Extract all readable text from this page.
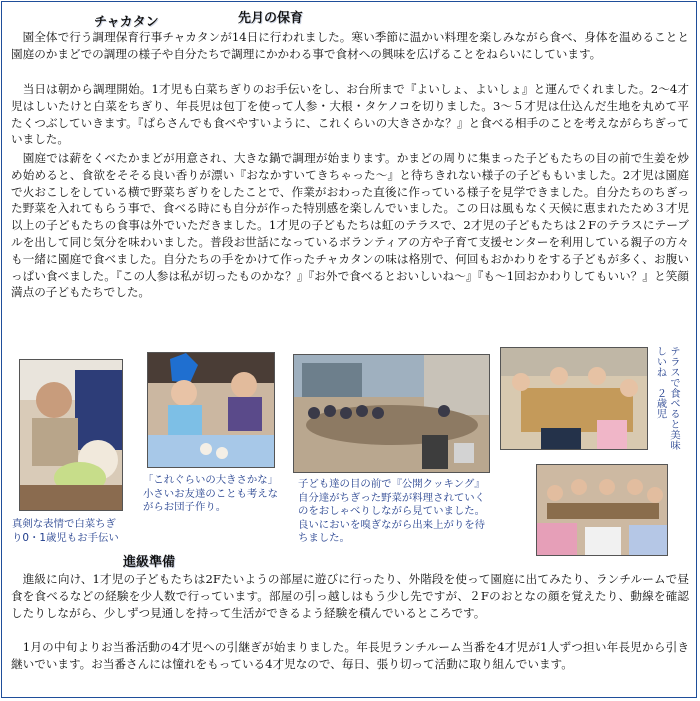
チャカタン	先月の保育

　園全体で行う調理保育行事チャカタンが14日に行われました。寒い季節に温かい料理を楽しみながら食べ、身体を温めることと園庭のかまどでの調理の様子や自分たちで調理にかかわる事で食材への興味を広げることをねらいにしています。

　当日は朝から調理開始。1才児も白菜ちぎりのお手伝いをし、お台所まで『よいしょ、よいしょ』と運んでくれました。2～4才児はしいたけと白菜をちぎり、年長児は包丁を使って人参・大根・タケノコを切りました。3～５才児は仕込んだ生地を丸めて平たくつぶしていきます。『ぱらさんでも食べやすいように、これくらいの大きさかな？』と食べる相手のことを考えながらちぎっていました。

　園庭では薪をくべたかまどが用意され、大きな鍋で調理が始まります。かまどの周りに集まった子どもたちの目の前で生姜を炒め始めると、食欲をそそる良い香りが漂い『おなかすいてきちゃった～』と待ちきれない様子の子どももいました。2才児は園庭で火おこしをしている横で野菜ちぎりをしたことで、作業がおわった直後に作っている様子を見学できました。自分たちのちぎった野菜を入れてもらう事で、食べる時にも自分が作った特別感を楽しんでいました。この日は風もなく天候に恵まれたため３才児以上の子どもたちの食事は外でいただきました。1才児の子どもたちは虹のテラスで、2才児の子どもたちは２Fのテラスにテーブルを出して同じ気分を味わいました。普段お世話になっているボランティアの方や子育て支援センターを利用している親子の方々も一緒に園庭で食べました。自分たちの手をかけて作ったチャカタンの味は格別で、何回もおかわりをする子どもが多く、お腹いっぱい食べました。『この人参は私が切ったものかな？』『お外で食べるとおいしいね～』『も～1回おかわりしてもいい？』と笑顔満点の子どもたちでした。

テラスで食べると美味しいね　２歳児

真剣な表情で白菜ちぎり0・1歳児もお手伝い

「これぐらいの大きさかな」小さいお友達のことも考えながらお団子作り。

子ども達の目の前で『公開クッキング』自分達がちぎった野菜が料理されていくのをおしゃべりしながら見ていました。良いにおいを嗅ぎながら出来上がりを待ちました。

進級準備

　進級に向け、1才児の子どもたちは2Fたいようの部屋に遊びに行ったり、外階段を使って園庭に出てみたり、ランチルームで昼食を食べるなどの経験を少人数で行っています。部屋の引っ越しはもう少し先ですが、２Fのおとなの顔を覚えたり、動線を確認したりしながら、少しずつ見通しを持って生活ができるよう経験を積んでいるところです。

　1月の中旬よりお当番活動の4才児への引継ぎが始まりました。年長児ランチルーム当番を4才児が1人ずつ担い年長児から引き継いでいます。お当番さんには憧れをもっている4才児なので、毎日、張り切って活動に取り組んでいます。
